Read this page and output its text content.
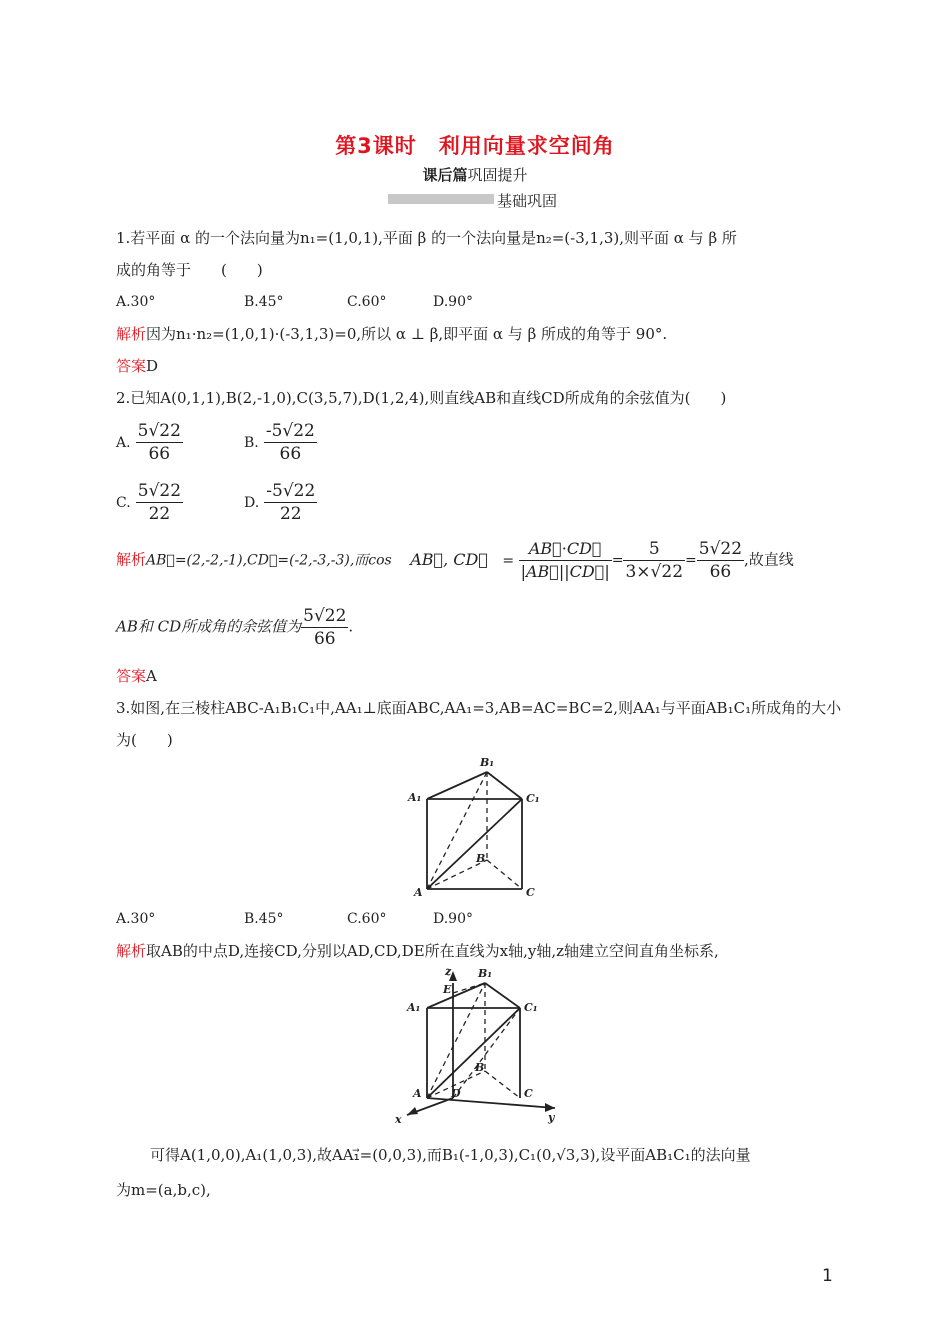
第3课时　利用向量求空间角
课后篇巩固提升
基础巩固
1.若平面 α 的一个法向量为n₁=(1,0,1),平面 β 的一个法向量是n₂=(-3,1,3),则平面 α 与 β 所
成的角等于　　(　　)
A.30°	B.45°	C.60°	D.90°
解析因为n₁·n₂=(1,0,1)·(-3,1,3)=0,所以 α ⊥ β,即平面 α 与 β 所成的角等于 90°.
答案D
2.已知A(0,1,1),B(2,-1,0),C(3,5,7),D(1,2,4),则直线AB和直线CD所成角的余弦值为(　　)
A. $\frac{5√22}{66}$	B. $\frac{-5√22}{66}$
C. $\frac{5√22}{22}$	D. $\frac{-5√22}{22}$
解析AB⃗=(2,-2,-1),CD⃗=(-2,-3,-3),而cos AB⃗, CD⃗ = $\frac{AB⃗\cdot CD⃗}{|AB⃗||CD⃗|} = \frac{5}{3\times√22} = \frac{5√22}{66}$ ,故直线
AB和 CD所成角的余弦值为 $\frac{5√22}{66}$ .
答案A
3.如图,在三棱柱ABC-A₁B₁C₁中,AA₁⊥底面ABC,AA₁=3,AB=AC=BC=2,则AA₁与平面AB₁C₁所成角的大小
为(　　)
B₁
A₁	C₁
B
A	C
A.30°	B.45°	C.60°	D.90°
解析取AB的中点D,连接CD,分别以AD,CD,DE所在直线为x轴,y轴,z轴建立空间直角坐标系,
z B₁
E
A₁	C₁
B
A	D	C
x	y
可得A(1,0,0),A₁(1,0,3),故AA₁⃗=(0,0,3),而B₁(-1,0,3),C₁(0,√3,3),设平面AB₁C₁的法向量
为m=(a,b,c),
1
